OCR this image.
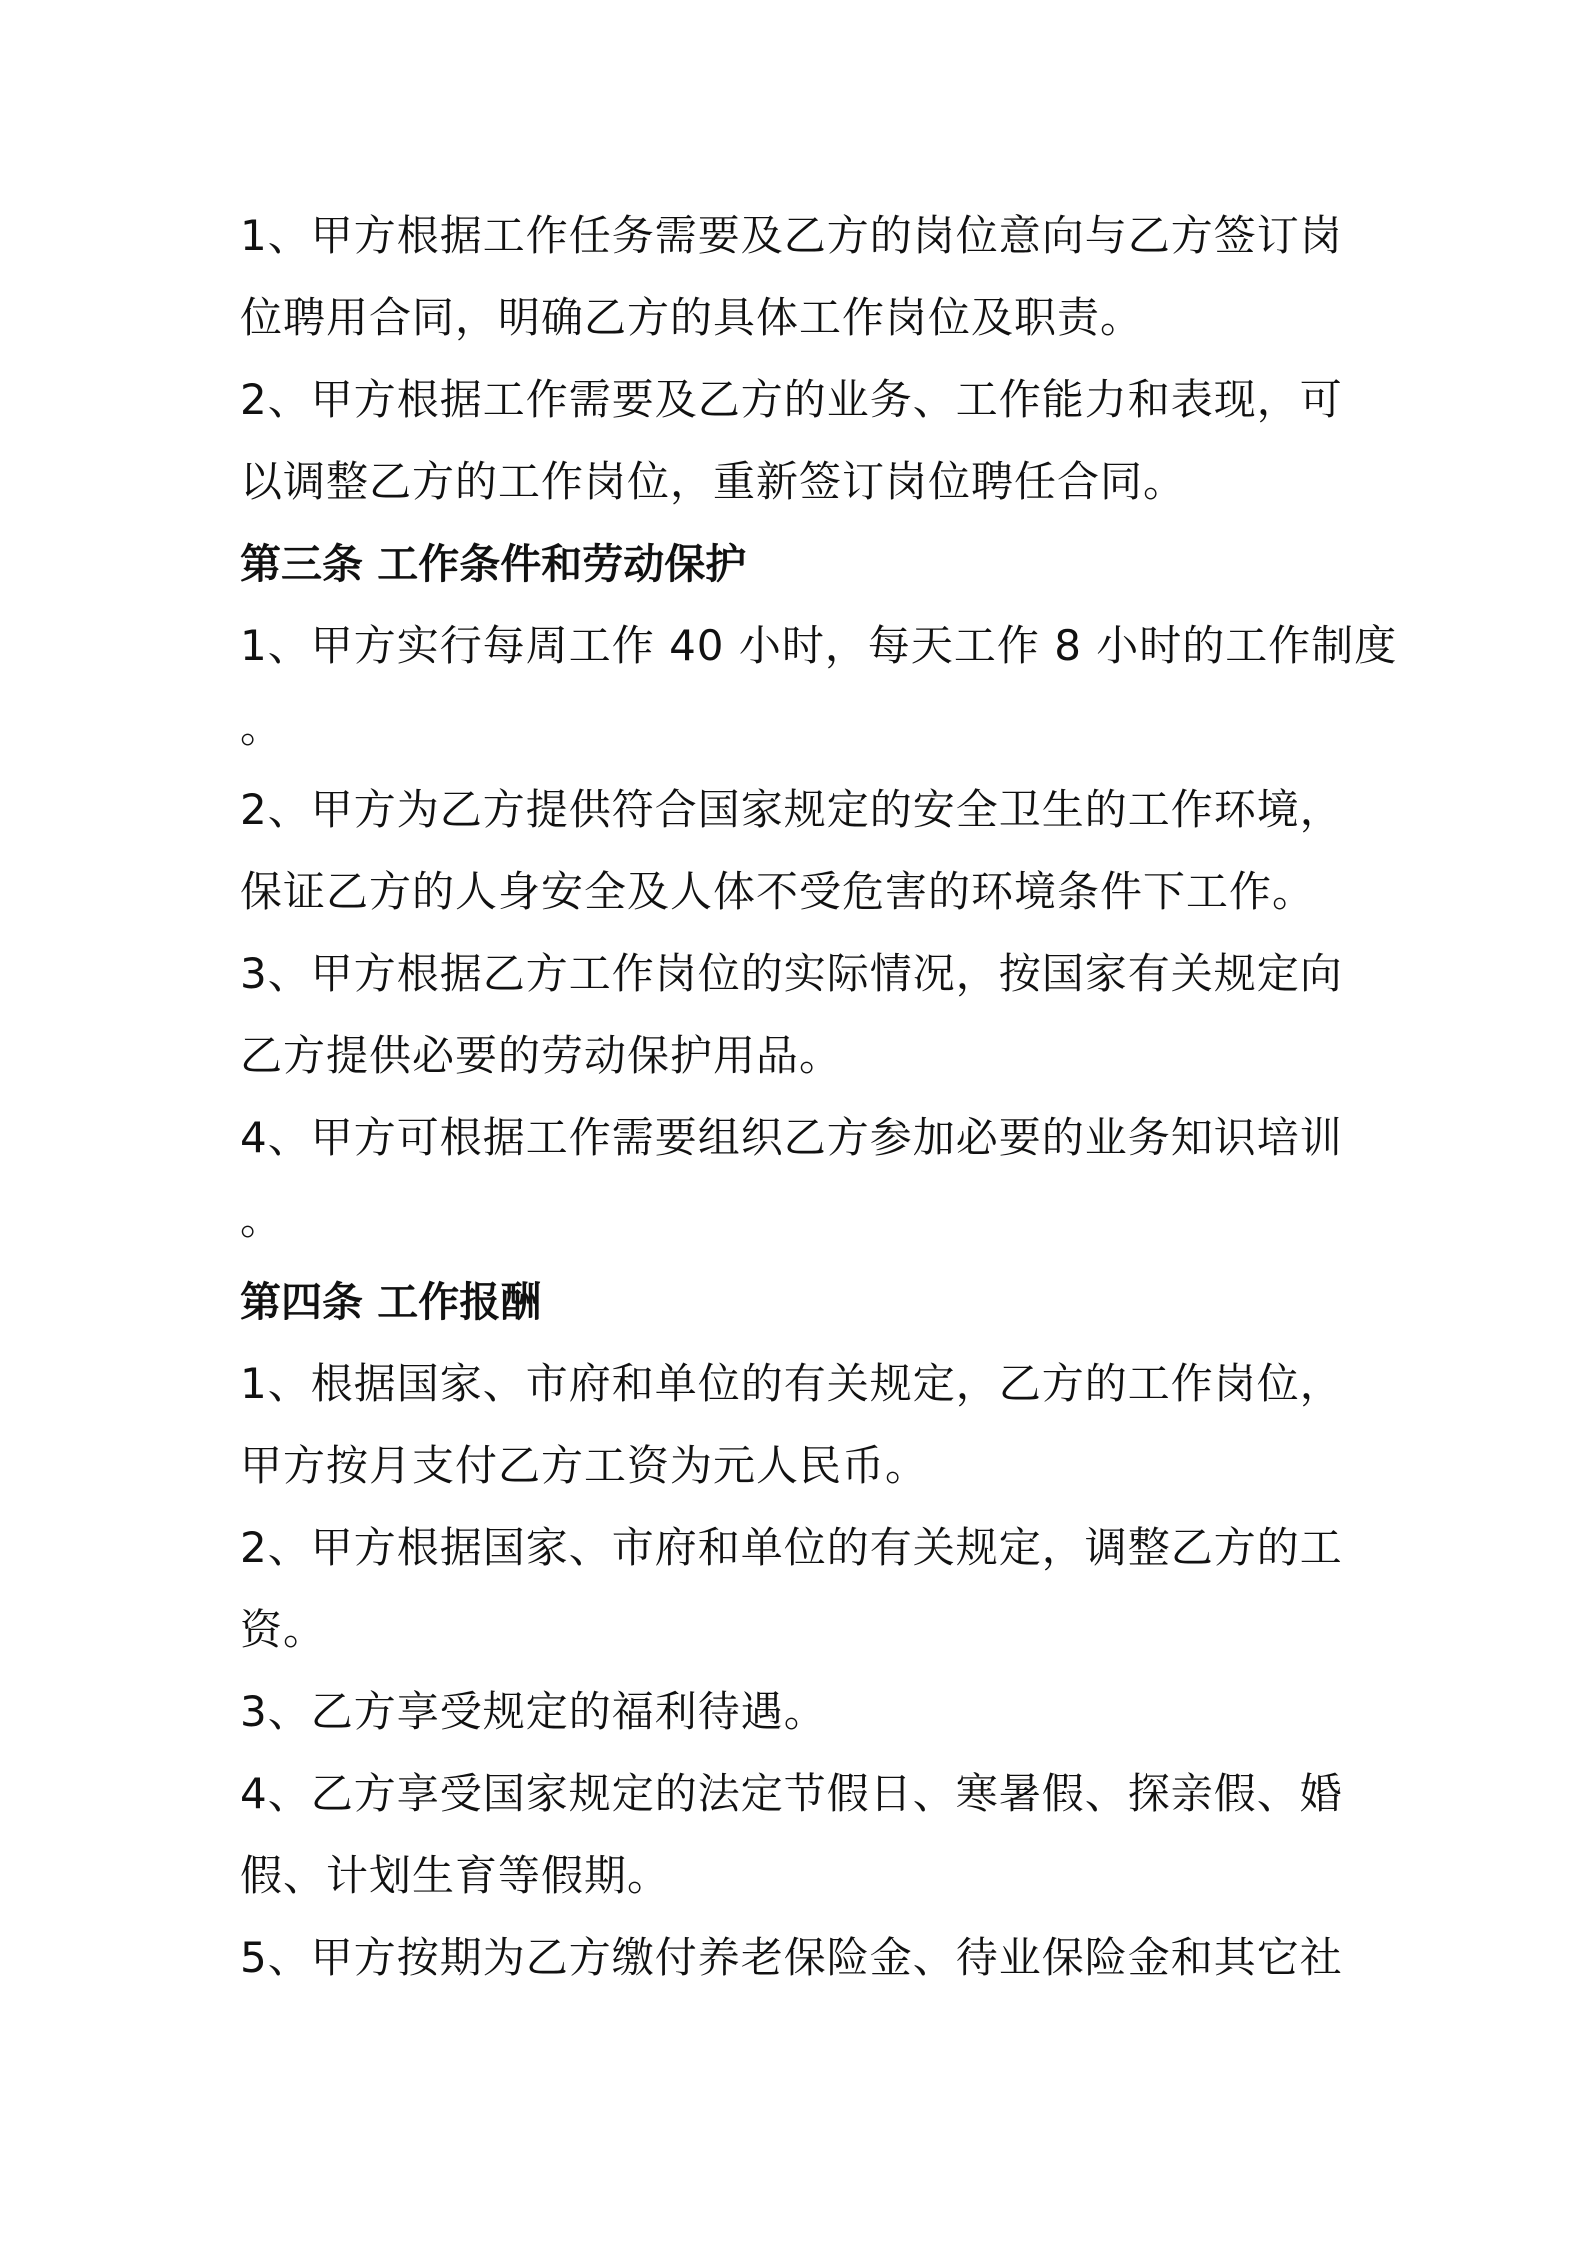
1、甲方根据工作任务需要及乙方的岗位意向与乙方签订岗
位聘用合同，明确乙方的具体工作岗位及职责。

2、甲方根据工作需要及乙方的业务、工作能力和表现，可
以调整乙方的工作岗位，重新签订岗位聘任合同。

第三条 工作条件和劳动保护

1、甲方实行每周工作 40 小时，每天工作 8 小时的工作制度
。

2、甲方为乙方提供符合国家规定的安全卫生的工作环境，
保证乙方的人身安全及人体不受危害的环境条件下工作。

3、甲方根据乙方工作岗位的实际情况，按国家有关规定向
乙方提供必要的劳动保护用品。

4、甲方可根据工作需要组织乙方参加必要的业务知识培训
。

第四条 工作报酬

1、根据国家、市府和单位的有关规定，乙方的工作岗位，
甲方按月支付乙方工资为元人民币。

2、甲方根据国家、市府和单位的有关规定，调整乙方的工
资。

3、乙方享受规定的福利待遇。

4、乙方享受国家规定的法定节假日、寒暑假、探亲假、婚
假、计划生育等假期。

5、甲方按期为乙方缴付养老保险金、待业保险金和其它社
